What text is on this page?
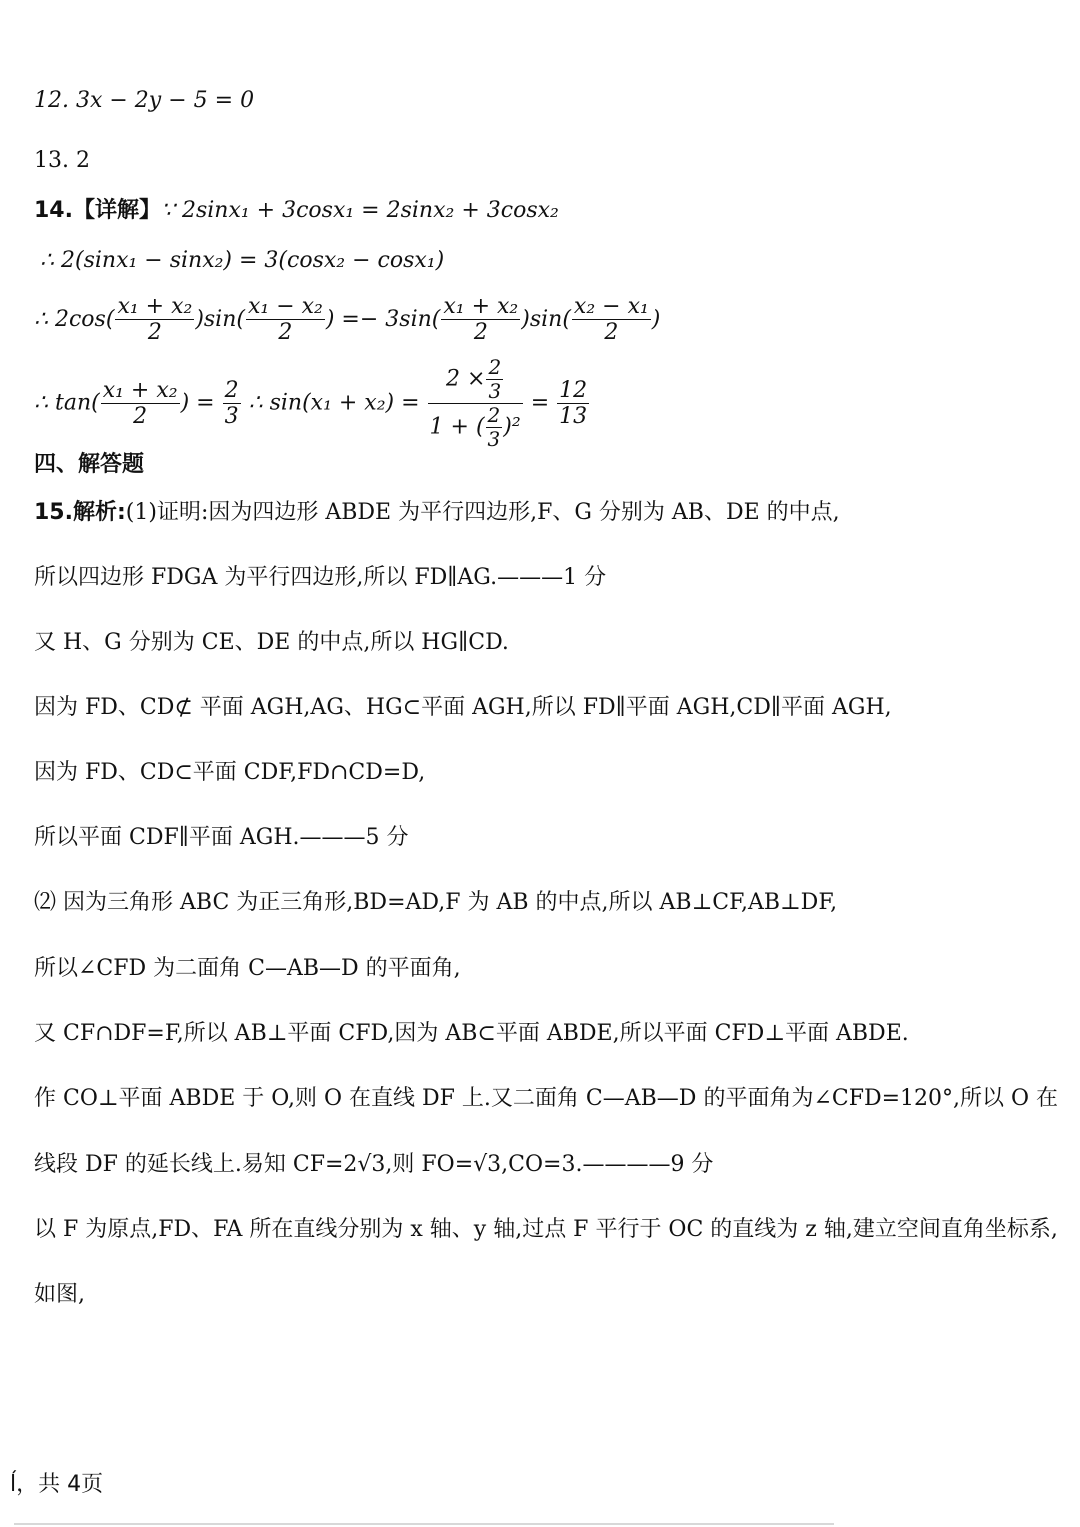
12. 3x − 2y − 5 = 0
13. 2
14.【详解】∵ 2sinx₁ + 3cosx₁ = 2sinx₂ + 3cosx₂
∴ 2(sinx₁ − sinx₂) = 3(cosx₂ − cosx₁)
∴ $2\cos( \frac{\text{x₁ + x₂}}{2} )\sin( \frac{\text{x₁ − x₂}}{2}$ ) =− $3\sin( \frac{\text{x₁ + x₂}}{2} )\sin( \frac{\text{x₂ − x₁}}{2}$ )
∴ $\tan( \frac{\text{x₁ + x₂}}{2}$ ) = $\frac{2}{3}$ ∴ $\sin(x_1 + x_2) = \frac{2 \times \frac{2}{3}}{1 + ( \frac{2}{3} )^2} = \frac{12}{13}$
四、解答题
15.解析:(1)证明:因为四边形 ABDE 为平行四边形,F、G 分别为 AB、DE 的中点,
所以四边形 FDGA 为平行四边形,所以 FD∥AG.———1 分
又 H、G 分别为 CE、DE 的中点,所以 HG∥CD.
因为 FD、CD⊄ 平面 AGH,AG、HG⊂平面 AGH,所以 FD∥平面 AGH,CD∥平面 AGH,
因为 FD、CD⊂平面 CDF,FD∩CD=D,
所以平面 CDF∥平面 AGH.———5 分
⑵ 因为三角形 ABC 为正三角形,BD=AD,F 为 AB 的中点,所以 AB⊥CF,AB⊥DF,
所以∠CFD 为二面角 C—AB—D 的平面角,
又 CF∩DF=F,所以 AB⊥平面 CFD,因为 AB⊂平面 ABDE,所以平面 CFD⊥平面 ABDE.
作 CO⊥平面 ABDE 于 O,则 O 在直线 DF 上.又二面角 C—AB—D 的平面角为∠CFD=120°,所以 O 在
线段 DF 的延长线上.易知 CF=2√3,则 FO=√3,CO=3.————9 分
以 F 为原点,FD、FA 所在直线分别为 x 轴、y 轴,过点 F 平行于 OC 的直线为 z 轴,建立空间直角坐标系,
如图,
ĺ，共 4页
